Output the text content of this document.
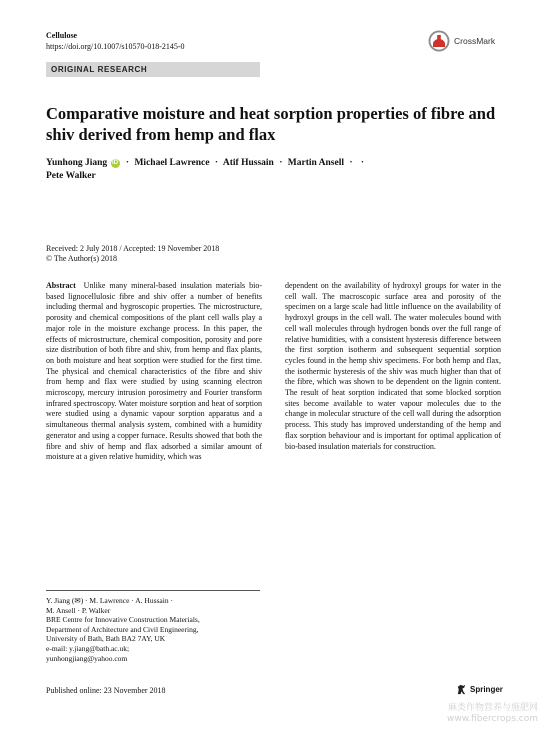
Cellulose
https://doi.org/10.1007/s10570-018-2145-0
CrossMark
ORIGINAL RESEARCH
Comparative moisture and heat sorption properties of fibre and shiv derived from hemp and flax
Yunhong Jiang iD · Michael Lawrence · Atif Hussain · Martin Ansell · ·
Pete Walker
Received: 2 July 2018 / Accepted: 19 November 2018
© The Author(s) 2018
Abstract Unlike many mineral-based insulation materials bio-based lignocellulosic fibre and shiv offer a number of benefits including thermal and hygroscopic properties. The microstructure, porosity and chemical compositions of the plant cell walls play a major role in the moisture exchange process. In this paper, the effects of microstructure, chemical composition, porosity and pore size distribution of both fibre and shiv, from hemp and flax plants, on both moisture and heat sorption were studied for the first time. The physical and chemical characteristics of the fibre and shiv from hemp and flax were studied by using scanning electron microscopy, mercury intrusion porosimetry and Fourier transform infrared spectroscopy. Water moisture sorption and heat of sorption were studied using a dynamic vapour sorption apparatus and a simultaneous thermal analysis system, combined with a humidity generator and using a copper furnace. Results showed that both the fibre and shiv of hemp and flax adsorbed a similar amount of moisture at a given relative humidity, which was
dependent on the availability of hydroxyl groups for water in the cell wall. The macroscopic surface area and porosity of the specimen on a large scale had little influence on the availability of hydroxyl groups in the cell wall. The water molecules bound with cell wall molecules through hydrogen bonds over the full range of relative humidities, with a consistent hysteresis difference between the first sorption isotherm and subsequent sequential sorption cycles found in the hemp shiv specimens. For both hemp and flax, the isothermic hysteresis of the shiv was much higher than that of the fibre, which was shown to be dependent on the lignin content. The result of heat sorption indicated that some blocked sorption sites become available to water vapour molecules due to the change in molecular structure of the cell wall during the adsorption process. This study has improved understanding of the hemp and flax sorption behaviour and is important for optimal application of bio-based insulation materials for construction.
Y. Jiang (✉) · M. Lawrence · A. Hussain ·
M. Ansell · P. Walker
BRE Centre for Innovative Construction Materials,
Department of Architecture and Civil Engineering,
University of Bath, Bath BA2 7AY, UK
e-mail: y.jiang@bath.ac.uk;
yunhongjiang@yahoo.com
Published online: 23 November 2018	Springer
麻类作物营养与施肥网
www.fibercrops.com
